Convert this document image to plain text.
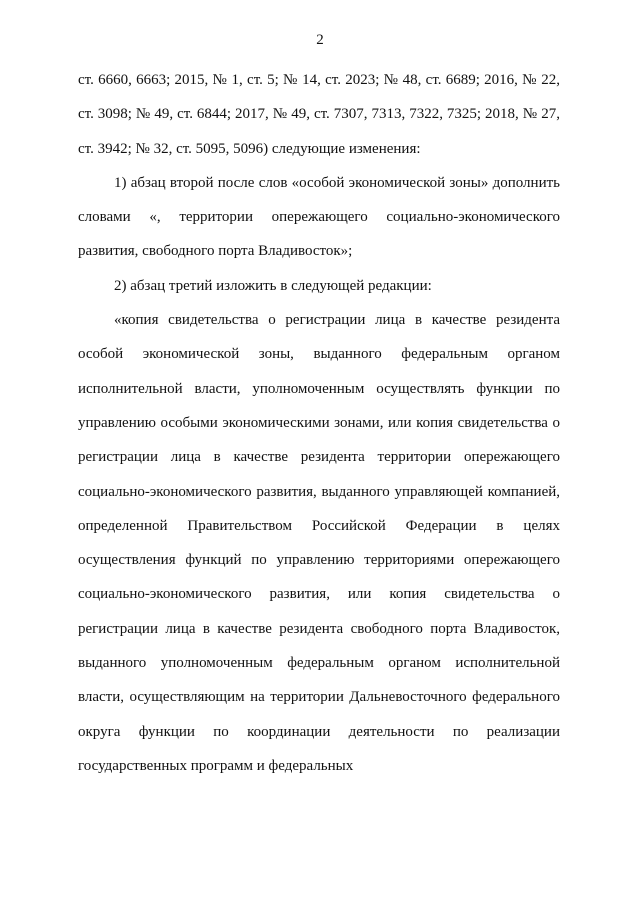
2

ст. 6660, 6663; 2015, № 1, ст. 5; № 14, ст. 2023; № 48, ст. 6689; 2016, № 22, ст. 3098; № 49, ст. 6844; 2017, № 49, ст. 7307, 7313, 7322, 7325; 2018, № 27, ст. 3942; № 32, ст. 5095, 5096) следующие изменения:

1) абзац второй после слов «особой экономической зоны» дополнить словами «, территории опережающего социально-экономического развития, свободного порта Владивосток»;

2) абзац третий изложить в следующей редакции:

«копия свидетельства о регистрации лица в качестве резидента особой экономической зоны, выданного федеральным органом исполнительной власти, уполномоченным осуществлять функции по управлению особыми экономическими зонами, или копия свидетельства о регистрации лица в качестве резидента территории опережающего социально-экономического развития, выданного управляющей компанией, определенной Правительством Российской Федерации в целях осуществления функций по управлению территориями опережающего социально-экономического развития, или копия свидетельства о регистрации лица в качестве резидента свободного порта Владивосток, выданного уполномоченным федеральным органом исполнительной власти, осуществляющим на территории Дальневосточного федерального округа функции по координации деятельности по реализации государственных программ и федеральных
